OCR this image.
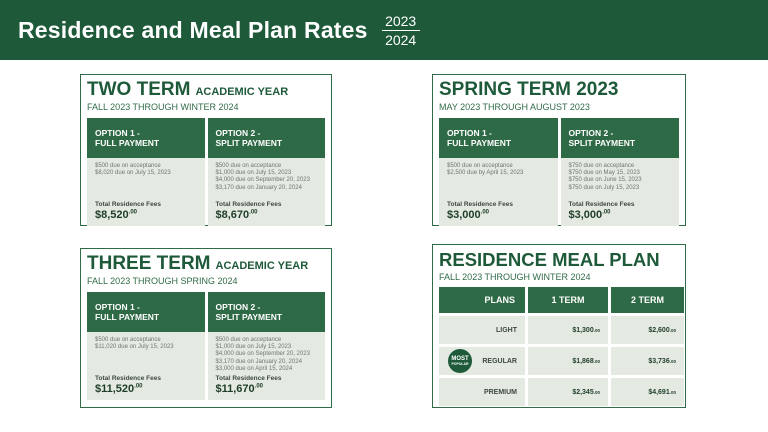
Residence and Meal Plan Rates 2023
2024
TWO TERM ACADEMIC YEAR
FALL 2023 THROUGH WINTER 2024
OPTION 1 -
FULL PAYMENT
$500 due on acceptance
$8,020 due on July 15, 2023
Total Residence Fees
$\$8,520^{.00}$
OPTION 2 -
SPLIT PAYMENT
$500 due on acceptance
$1,000 due on July 15, 2023
$4,000 due on September 20, 2023
$3,170 due on January 20, 2024
Total Residence Fees
$\$8,670^{.00}$
SPRING TERM 2023
MAY 2023 THROUGH AUGUST 2023
OPTION 1 -
FULL PAYMENT
$500 due on acceptance
$2,500 due by April 15, 2023
Total Residence Fees
$\$3,000^{.00}$
OPTION 2 -
SPLIT PAYMENT
$750 due on acceptance
$750 due on May 15, 2023
$750 due on June 15, 2023
$750 due on July 15, 2023
Total Residence Fees
$\$3,000^{.00}$
THREE TERM ACADEMIC YEAR
FALL 2023 THROUGH SPRING 2024
OPTION 1 -
FULL PAYMENT
$500 due on acceptance
$11,020 due on July 15, 2023
Total Residence Fees
$\$11,520^{.00}$
OPTION 2 -
SPLIT PAYMENT
$500 due on acceptance
$1,000 due on July 15, 2023
$4,000 due on September 20, 2023
$3,170 due on January 20, 2024
$3,000 due on April 15, 2024
Total Residence Fees
$\$11,670^{.00}$
RESIDENCE MEAL PLAN
FALL 2023 THROUGH WINTER 2024
PLANS	1 TERM	2 TERM
LIGHT	$1,300 .00	$2,600 .00
MOST
POPULAR REGULAR	$1,868 .00	$3,736 .00
PREMIUM	$2,345 .00	$4,691 .00
